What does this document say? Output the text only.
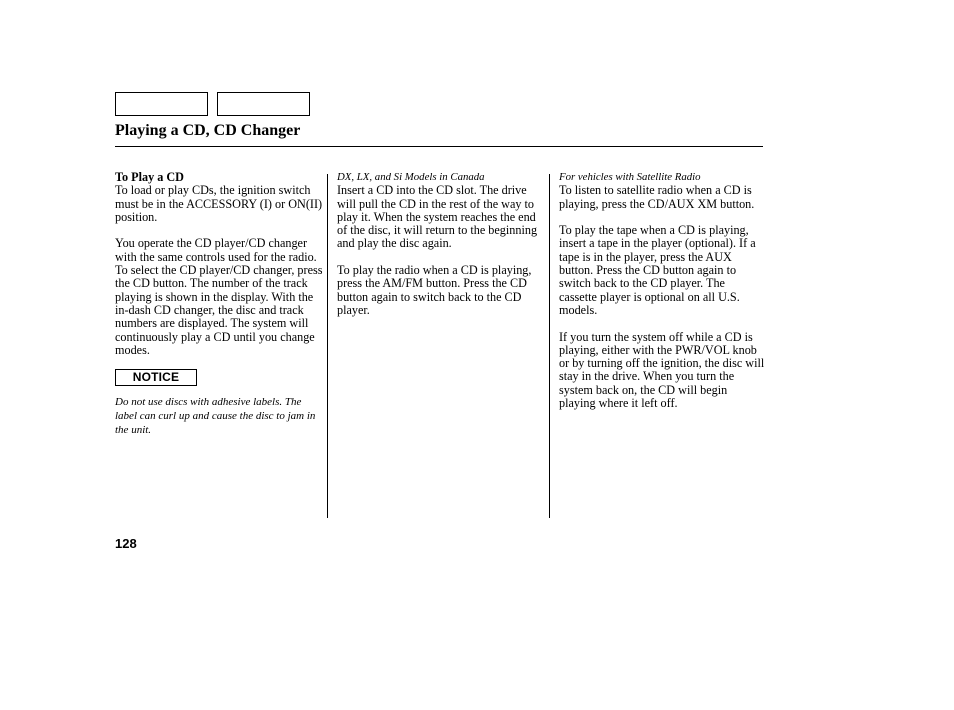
Playing a CD, CD Changer
To Play a CD

To load or play CDs, the ignition switch must be in the ACCESSORY (I) or ON(II) position.

You operate the CD player/CD changer with the same controls used for the radio. To select the CD player/CD changer, press the CD button. The number of the track playing is shown in the display. With the in-dash CD changer, the disc and track numbers are displayed. The system will continuously play a CD until you change modes.

NOTICE

Do not use discs with adhesive labels. The label can curl up and cause the disc to jam in the unit.

DX, LX, and Si Models in Canada

Insert a CD into the CD slot. The drive will pull the CD in the rest of the way to play it. When the system reaches the end of the disc, it will return to the beginning and play the disc again.

To play the radio when a CD is playing, press the AM/FM button. Press the CD button again to switch back to the CD player.

For vehicles with Satellite Radio

To listen to satellite radio when a CD is playing, press the CD/AUX XM button.

To play the tape when a CD is playing, insert a tape in the player (optional). If a tape is in the player, press the AUX button. Press the CD button again to switch back to the CD player. The cassette player is optional on all U.S. models.

If you turn the system off while a CD is playing, either with the PWR/VOL knob or by turning off the ignition, the disc will stay in the drive. When you turn the system back on, the CD will begin playing where it left off.

128
